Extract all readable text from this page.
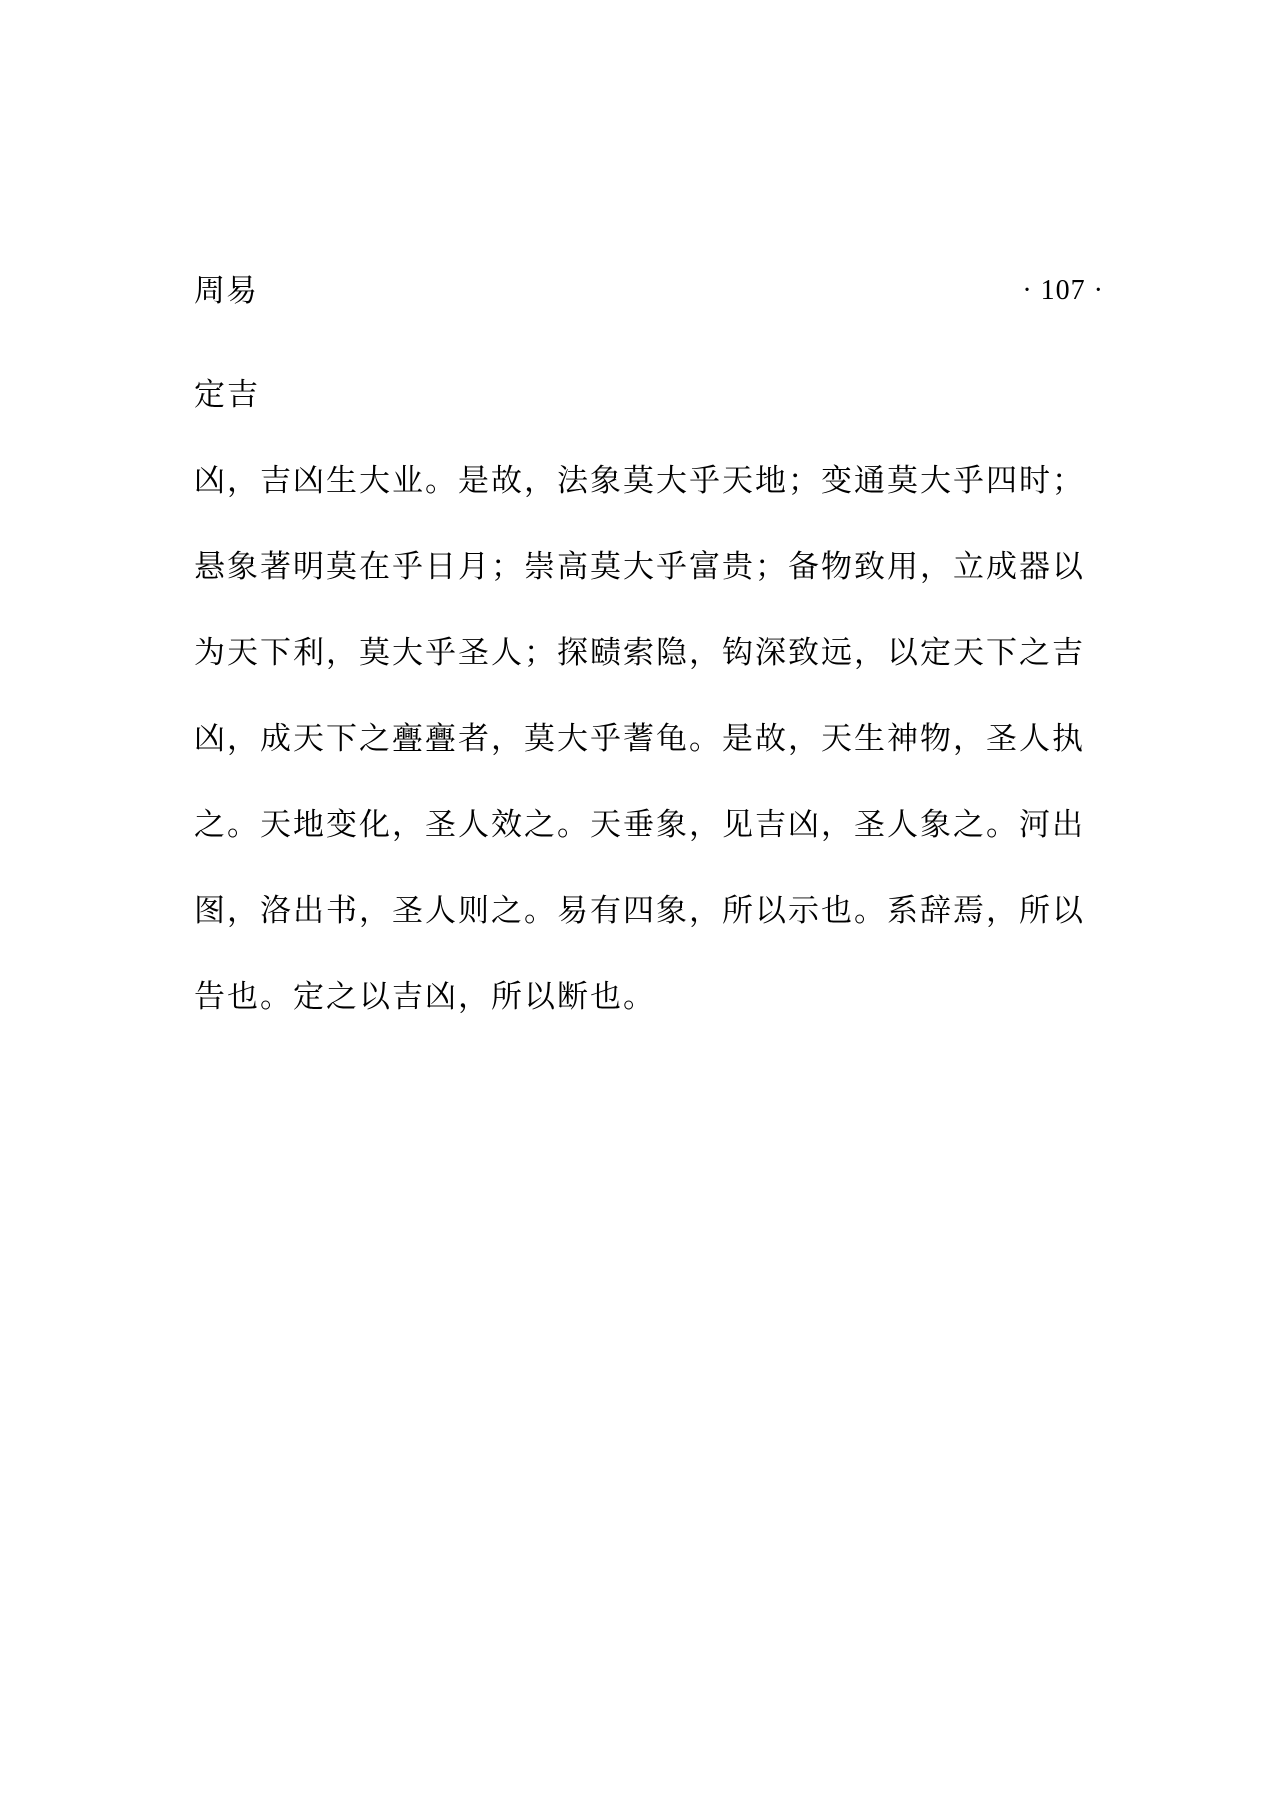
周易	· 107 ·
定吉
凶，吉凶生大业。是故，法象莫大乎天地；变通莫大乎四时；
悬象著明莫在乎日月；崇高莫大乎富贵；备物致用，立成器以
为天下利，莫大乎圣人；探赜索隐，钩深致远，以定天下之吉
凶，成天下之亹亹者，莫大乎蓍龟。是故，天生神物，圣人执
之。天地变化，圣人效之。天垂象，见吉凶，圣人象之。河出
图，洛出书，圣人则之。易有四象，所以示也。系辞焉，所以
告也。定之以吉凶，所以断也。
